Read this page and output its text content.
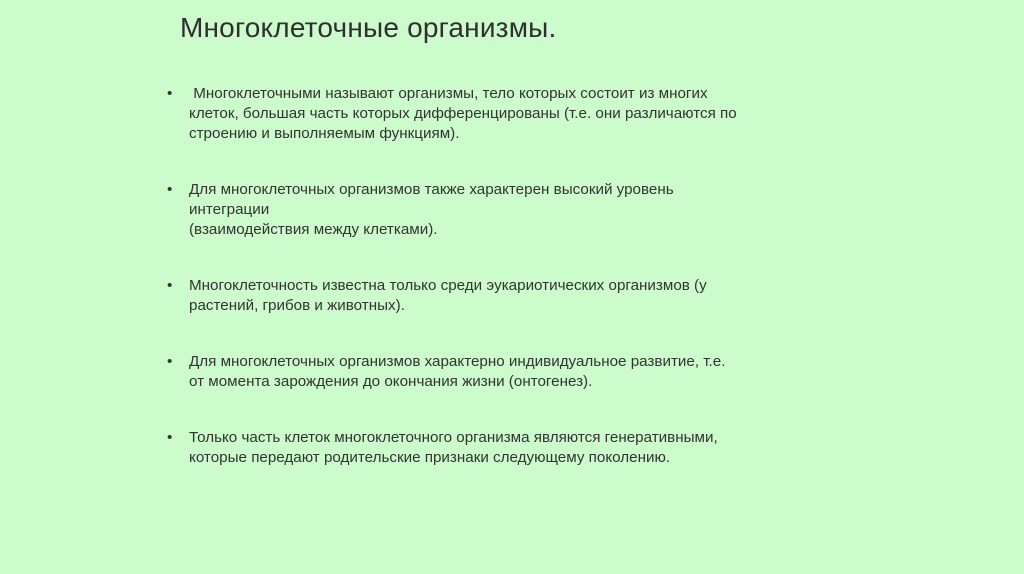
Многоклеточные организмы.
• Многоклеточными называют организмы, тело которых состоит из многих
клеток, большая часть которых дифференцированы (т.е. они различаются по
строению и выполняемым функциям).
• Для многоклеточных организмов также характерен высокий уровень
интеграции
(взаимодействия между клетками).
• Многоклеточность известна только среди эукариотических организмов (у
растений, грибов и животных).
• Для многоклеточных организмов характерно индивидуальное развитие, т.е.
от момента зарождения до окончания жизни (онтогенез).
• Только часть клеток многоклеточного организма являются генеративными,
которые передают родительские признаки следующему поколению.
